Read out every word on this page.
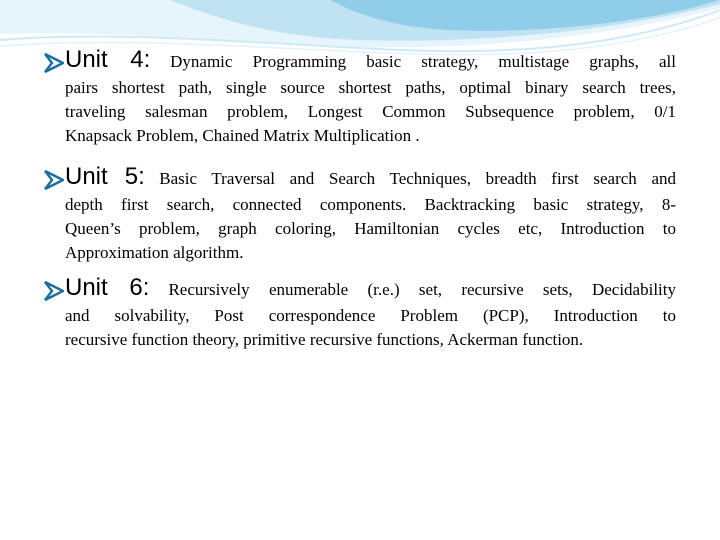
Unit 4: Dynamic Programming basic strategy, multistage graphs, all
pairs shortest path, single source shortest paths, optimal binary search trees,
traveling salesman problem, Longest Common Subsequence problem, 0/1
Knapsack Problem, Chained Matrix Multiplication .
Unit 5: Basic Traversal and Search Techniques, breadth first search and
depth first search, connected components. Backtracking basic strategy, 8-
Queen’s problem, graph coloring, Hamiltonian cycles etc, Introduction to
Approximation algorithm.
Unit 6: Recursively enumerable (r.e.) set, recursive sets, Decidability
and solvability, Post correspondence Problem (PCP), Introduction to
recursive function theory, primitive recursive functions, Ackerman function.
